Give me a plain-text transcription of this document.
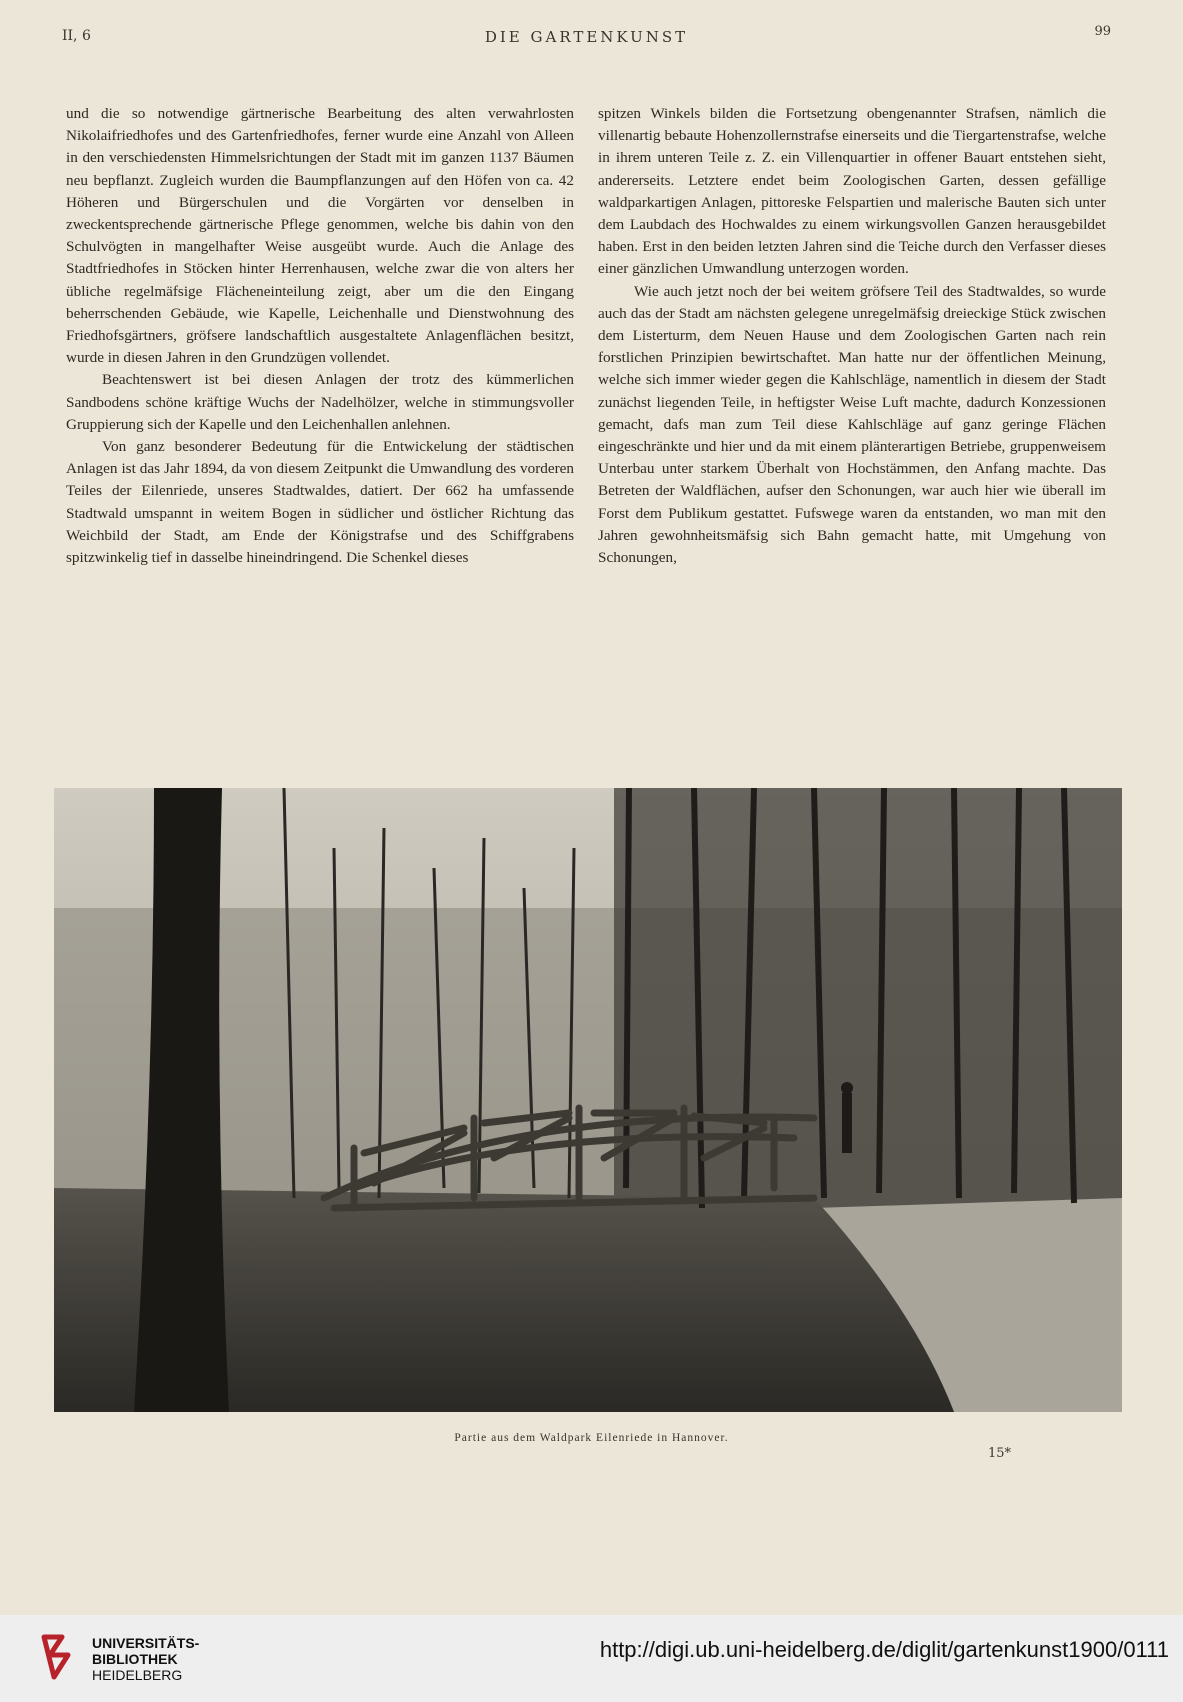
II, 6	DIE GARTENKUNST	99

und die so notwendige gärtnerische Bearbeitung des alten verwahrlosten Nikolaifriedhofes und des Gartenfriedhofes, ferner wurde eine Anzahl von Alleen in den verschiedensten Himmelsrichtungen der Stadt mit im ganzen 1137 Bäumen neu bepflanzt. Zugleich wurden die Baumpflanzungen auf den Höfen von ca. 42 Höheren und Bürgerschulen und die Vorgärten vor denselben in zweckentsprechende gärtnerische Pflege genommen, welche bis dahin von den Schulvögten in mangelhafter Weise ausgeübt wurde. Auch die Anlage des Stadtfriedhofes in Stöcken hinter Herrenhausen, welche zwar die von alters her übliche regelmäfsige Flächeneinteilung zeigt, aber um die den Eingang beherrschenden Gebäude, wie Kapelle, Leichenhalle und Dienstwohnung des Friedhofsgärtners, gröfsere landschaftlich ausgestaltete Anlagenflächen besitzt, wurde in diesen Jahren in den Grundzügen vollendet.

Beachtenswert ist bei diesen Anlagen der trotz des kümmerlichen Sandbodens schöne kräftige Wuchs der Nadelhölzer, welche in stimmungsvoller Gruppierung sich der Kapelle und den Leichenhallen anlehnen.

Von ganz besonderer Bedeutung für die Entwickelung der städtischen Anlagen ist das Jahr 1894, da von diesem Zeitpunkt die Umwandlung des vorderen Teiles der Eilenriede, unseres Stadtwaldes, datiert. Der 662 ha umfassende Stadtwald umspannt in weitem Bogen in südlicher und östlicher Richtung das Weichbild der Stadt, am Ende der Königstrafse und des Schiffgrabens spitzwinkelig tief in dasselbe hineindringend. Die Schenkel dieses

spitzen Winkels bilden die Fortsetzung obengenannter Strafsen, nämlich die villenartig bebaute Hohenzollernstrafse einerseits und die Tiergartenstrafse, welche in ihrem unteren Teile z. Z. ein Villenquartier in offener Bauart entstehen sieht, andererseits. Letztere endet beim Zoologischen Garten, dessen gefällige waldparkartigen Anlagen, pittoreske Felspartien und malerische Bauten sich unter dem Laubdach des Hochwaldes zu einem wirkungsvollen Ganzen herausgebildet haben. Erst in den beiden letzten Jahren sind die Teiche durch den Verfasser dieses einer gänzlichen Umwandlung unterzogen worden.

Wie auch jetzt noch der bei weitem gröfsere Teil des Stadtwaldes, so wurde auch das der Stadt am nächsten gelegene unregelmäfsig dreieckige Stück zwischen dem Listerturm, dem Neuen Hause und dem Zoologischen Garten nach rein forstlichen Prinzipien bewirtschaftet. Man hatte nur der öffentlichen Meinung, welche sich immer wieder gegen die Kahlschläge, namentlich in diesem der Stadt zunächst liegenden Teile, in heftigster Weise Luft machte, dadurch Konzessionen gemacht, dafs man zum Teil diese Kahlschläge auf ganz geringe Flächen eingeschränkte und hier und da mit einem plänterartigen Betriebe, gruppenweisem Unterbau unter starkem Überhalt von Hochstämmen, den Anfang machte. Das Betreten der Waldflächen, aufser den Schonungen, war auch hier wie überall im Forst dem Publikum gestattet. Fufswege waren da entstanden, wo man mit den Jahren gewohnheitsmäfsig sich Bahn gemacht hatte, mit Umgehung von Schonungen,

Partie aus dem Waldpark Eilenriede in Hannover.
15*
UNIVERSITÄTS-
BIBLIOTHEK
HEIDELBERG
http://digi.ub.uni-heidelberg.de/diglit/gartenkunst1900/0111
